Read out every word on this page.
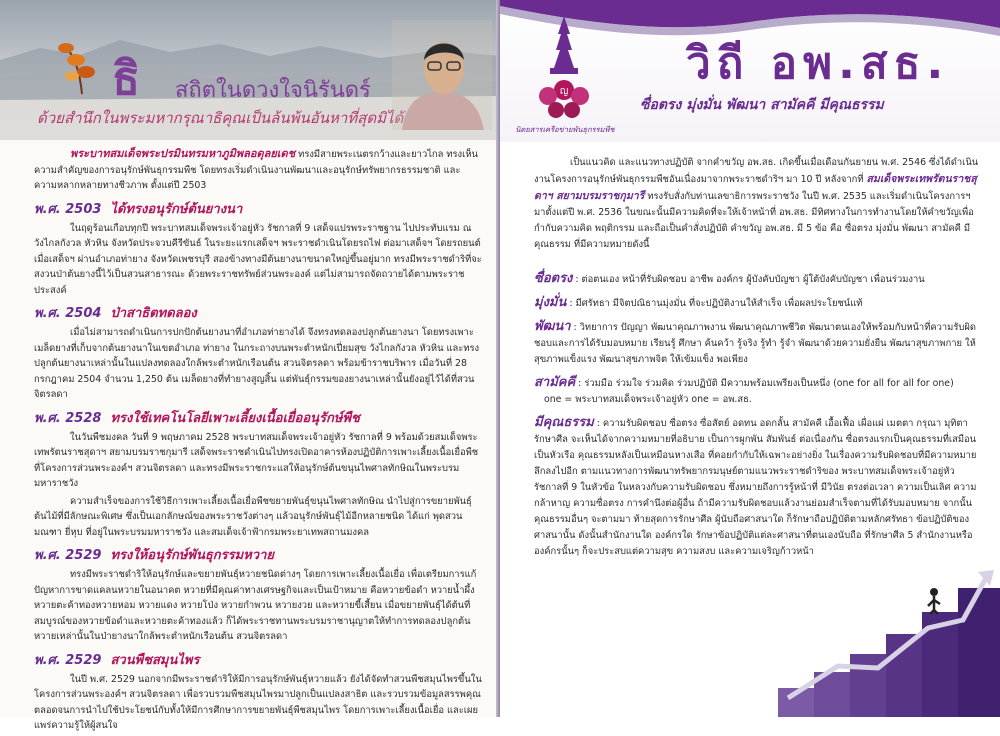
ธิ สถิตในดวงใจนิรันดร์
ด้วยสำนึกในพระมหากรุณาธิคุณเป็นล้นพ้นอันหาที่สุดมิได้

พระบาทสมเด็จพระปรมินทรมหาภูมิพลอดุลยเดช ทรงมีสายพระเนตรกว้างและยาวไกล ทรงเห็นความสำคัญของการอนุรักษ์พันธุกรรมพืช โดยทรงเริ่มดำเนินงานพัฒนาและอนุรักษ์ทรัพยากรธรรมชาติ และความหลากหลายทางชีวภาพ ตั้งแต่ปี 2503

พ.ศ. 2503 ได้ทรงอนุรักษ์ต้นยางนา

ในฤดูร้อนเกือบทุกปี พระบาทสมเด็จพระเจ้าอยู่หัว รัชกาลที่ 9 เสด็จแปรพระราชฐาน ไปประทับแรม ณ วังไกลกังวล หัวหิน จังหวัดประจวบคีรีขันธ์ ในระยะแรกเสด็จฯ พระราชดำเนินโดยรถไฟ ต่อมาเสด็จฯ โดยรถยนต์ เมื่อเสด็จฯ ผ่านอำเภอท่ายาง จังหวัดเพชรบุรี สองข้างทางมีต้นยางนาขนาดใหญ่ขึ้นอยู่มาก ทรงมีพระราชดำริที่จะสงวนป่าต้นยางนี้ไว้เป็นสวนสาธารณะ ด้วยพระราชทรัพย์ส่วนพระองค์ แต่ไม่สามารถจัดถวายได้ตามพระราชประสงค์

พ.ศ. 2504 ป่าสาธิตทดลอง

เมื่อไม่สามารถดำเนินการปกปักต้นยางนาที่อำเภอท่ายางได้ จึงทรงทดลองปลูกต้นยางนา โดยทรงเพาะเมล็ดยางที่เก็บจากต้นยางนาในเขตอำเภอ ท่ายาง ในกระถางบนพระตำหนักเปี่ยมสุข วังไกลกังวล หัวหิน และทรงปลูกต้นยางนาเหล่านั้นในแปลงทดลองใกล้พระตำหนักเรือนต้น สวนจิตรลดา พร้อมข้าราชบริพาร เมื่อวันที่ 28 กรกฎาคม 2504 จำนวน 1,250 ต้น เมล็ดยางที่ทำยางสูญสิ้น แต่พันธุ์กรรมของยางนาเหล่านั้นยังอยู่ไว้ได้ที่สวนจิตรลดา

พ.ศ. 2528 ทรงใช้เทคโนโลยีเพาะเลี้ยงเนื้อเยื่ออนุรักษ์พืช

ในวันพืชมงคล วันที่ 9 พฤษภาคม 2528 พระบาทสมเด็จพระเจ้าอยู่หัว รัชกาลที่ 9 พร้อมด้วยสมเด็จพระเทพรัตนราชสุดาฯ สยามบรมราชกุมารี เสด็จพระราชดำเนินไปทรงเปิดอาคารห้องปฏิบัติการเพาะเลี้ยงเนื้อเยื่อพืชที่โครงการส่วนพระองค์ฯ สวนจิตรลดา และทรงมีพระราชกระแสให้อนุรักษ์ต้นขนุนไพศาลทักษิณในพระบรมมหาราชวัง

ความสำเร็จของการใช้วิธีการเพาะเลี้ยงเนื้อเยื่อพืชขยายพันธุ์ขนุนไพศาลทักษิณ นำไปสู่การขยายพันธุ์ต้นไม้ที่มีลักษณะพิเศษ ซึ่งเป็นเอกลักษณ์ของพระราชวังต่างๆ แล้วอนุรักษ์พันธุ์ไม้อีกหลายชนิด ได้แก่ พุดสวน มณฑา ยี่หุบ ที่อยู่ในพระบรมมหาราชวัง และสมเด็จเจ้าฟ้ากรมพระยาเทพสถานมงคล

พ.ศ. 2529 ทรงให้อนุรักษ์พันธุกรรมหวาย

ทรงมีพระราชดำริให้อนุรักษ์และขยายพันธุ์หวายชนิดต่างๆ โดยการเพาะเลี้ยงเนื้อเยื่อ เพื่อเตรียมการแก้ปัญหาการขาดแคลนหวายในอนาคต หวายที่มีคุณค่าทางเศรษฐกิจและเป็นเป้าหมาย คือหวายข้อดำ หวายน้ำผึ้ง หวายตะค้าทองหวายหอม หวายแดง หวายโป่ง หวายกำพวน หวายงวย และหวายขี้เสี้ยน เมื่อขยายพันธุ์ได้ต้นที่สมบูรณ์ของหวายข้อดำและหวายตะค้าทองแล้ว ก็ได้พระราชทานพระบรมราชานุญาตให้ทำการทดลองปลูกต้นหวายเหล่านั้นในป่ายางนาใกล้พระตำหนักเรือนต้น สวนจิตรลดา

พ.ศ. 2529 สวนพืชสมุนไพร

ในปี พ.ศ. 2529 นอกจากมีพระราชดำริให้มีการอนุรักษ์พันธุ์หวายแล้ว ยังได้จัดทำสวนพืชสมุนไพรขึ้นในโครงการส่วนพระองค์ฯ สวนจิตรลดา เพื่อรวบรวมพืชสมุนไพรมาปลูกเป็นแปลงสาธิต และรวบรวมข้อมูลสรรพคุณ ตลอดจนการนำไปใช้ประโยชน์กับทั้งให้มีการศึกษาการขยายพันธุ์พืชสมุนไพร โดยการเพาะเลี้ยงเนื้อเยื่อ และเผยแพร่ความรู้ให้ผู้สนใจ

ญ
นิตยสารเครือข่ายพันธุกรรมพืช
วิถี อพ.สธ.
ซื่อตรง มุ่งมั่น พัฒนา สามัคคี มีคุณธรรม

เป็นแนวคิด และแนวทางปฏิบัติ จากคำขวัญ อพ.สธ. เกิดขึ้นเมื่อเดือนกันยายน พ.ศ. 2546 ซึ่งได้ดำเนินงานโครงการอนุรักษ์พันธุกรรมพืชอันเนื่องมาจากพระราชดำริฯ มา 10 ปี หลังจากที่ สมเด็จพระเทพรัตนราชสุดาฯ สยามบรมราชกุมารี ทรงรับสั่งกับท่านเลขาธิการพระราชวัง ในปี พ.ศ. 2535 และเริ่มดำเนินโครงการฯ มาตั้งแต่ปี พ.ศ. 2536 ในขณะนั้นมีความคิดที่จะให้เจ้าหน้าที่ อพ.สธ. มีทิศทางในการทำงานโดยให้คำขวัญเพื่อกำกับความคิด พฤติกรรม และถือเป็นคำสั่งปฏิบัติ คำขวัญ อพ.สธ. มี 5 ข้อ คือ ซื่อตรง มุ่งมั่น พัฒนา สามัคคี มีคุณธรรม ที่มีความหมายดังนี้

ซื่อตรง : ต่อตนเอง หน้าที่รับผิดชอบ อาชีพ องค์กร ผู้บังคับบัญชา ผู้ใต้บังคับบัญชา เพื่อนร่วมงาน

มุ่งมั่น : มีศรัทธา มีจิตปณิธานมุ่งมั่น ที่จะปฏิบัติงานให้สำเร็จ เพื่อผลประโยชน์แท้

พัฒนา : วิทยาการ ปัญญา พัฒนาคุณภาพงาน พัฒนาคุณภาพชีวิต พัฒนาตนเองให้พร้อมกับหน้าที่ความรับผิดชอบและการได้รับมอบหมาย เรียนรู้ ศึกษา ค้นคว้า รู้จริง รู้ทำ รู้จำ พัฒนาด้วยความยั่งยืน พัฒนาสุขภาพกาย ให้สุขภาพแข็งแรง พัฒนาสุขภาพจิต ให้เข้มแข็ง พอเพียง

สามัคคี : ร่วมมือ ร่วมใจ ร่วมคิด ร่วมปฏิบัติ มีความพร้อมเพรียงเป็นหนึ่ง (one for all for all for one)
one = พระบาทสมเด็จพระเจ้าอยู่หัว one = อพ.สธ.

มีคุณธรรม : ความรับผิดชอบ ซื่อตรง ซื่อสัตย์ อดทน อดกลั้น สามัคคี เอื้อเฟื้อ เผื่อแผ่ เมตตา กรุณา มุทิตา รักษาศีล จะเห็นได้จากความหมายที่อธิบาย เป็นการผูกพัน สัมพันธ์ ต่อเนื่องกัน ซื่อตรงแรกเป็นคุณธรรมที่เสมือนเป็นหัวเรือ คุณธรรมหลังเป็นเหมือนหางเสือ ที่คอยกำกับให้เฉพาะอย่างยิ่ง ในเรื่องความรับผิดชอบที่มีความหมายลึกลงไปอีก ตามแนวทางการพัฒนาทรัพยากรมนุษย์ตามแนวพระราชดำริของ พระบาทสมเด็จพระเจ้าอยู่หัว รัชกาลที่ 9 ในหัวข้อ ในหลวงกับความรับผิดชอบ ซึ่งหมายถึงการรู้หน้าที่ มีวินัย ตรงต่อเวลา ความเป็นเลิศ ความกล้าหาญ ความซื่อตรง การคำนึงต่อผู้อื่น ถ้ามีความรับผิดชอบแล้วงานย่อมสำเร็จตามที่ได้รับมอบหมาย จากนั้นคุณธรรมอื่นๆ จะตามมา ท้ายสุดการรักษาศีล ผู้นับถือศาสนาใด ก็รักษาถือปฏิบัติตามหลักศรัทธา ข้อปฏิบัติของศาสนานั้น ดังนั้นสำนักงานใด องค์กรใด รักษาข้อปฏิบัติแต่ละศาสนาที่ตนเองนับถือ ที่รักษาศีล 5 สำนักงานหรือองค์กรนั้นๆ ก็จะประสบแต่ความสุข ความสงบ และความเจริญก้าวหน้า
